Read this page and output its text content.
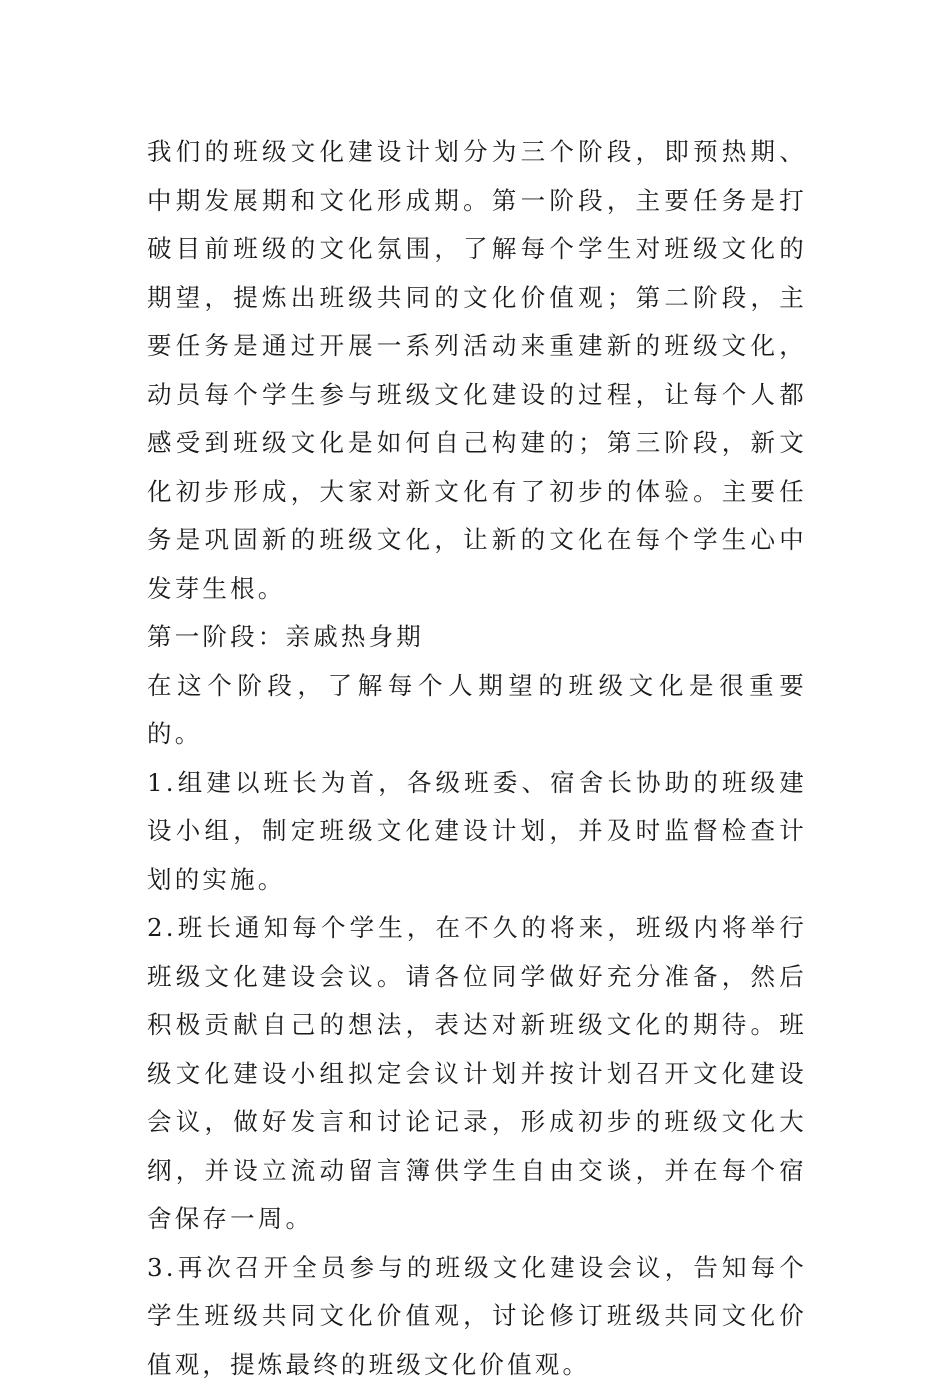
我们的班级文化建设计划分为三个阶段，即预热期、中期发展期和文化形成期。第一阶段，主要任务是打破目前班级的文化氛围，了解每个学生对班级文化的期望，提炼出班级共同的文化价值观；第二阶段，主要任务是通过开展一系列活动来重建新的班级文化，动员每个学生参与班级文化建设的过程，让每个人都感受到班级文化是如何自己构建的；第三阶段，新文化初步形成，大家对新文化有了初步的体验。主要任务是巩固新的班级文化，让新的文化在每个学生心中发芽生根。

第一阶段：亲戚热身期

在这个阶段，了解每个人期望的班级文化是很重要的。

1.组建以班长为首，各级班委、宿舍长协助的班级建设小组，制定班级文化建设计划，并及时监督检查计划的实施。

2.班长通知每个学生，在不久的将来，班级内将举行班级文化建设会议。请各位同学做好充分准备，然后积极贡献自己的想法，表达对新班级文化的期待。班级文化建设小组拟定会议计划并按计划召开文化建设会议，做好发言和讨论记录，形成初步的班级文化大纲，并设立流动留言簿供学生自由交谈，并在每个宿舍保存一周。

3.再次召开全员参与的班级文化建设会议，告知每个学生班级共同文化价值观，讨论修订班级共同文化价值观，提炼最终的班级文化价值观。
